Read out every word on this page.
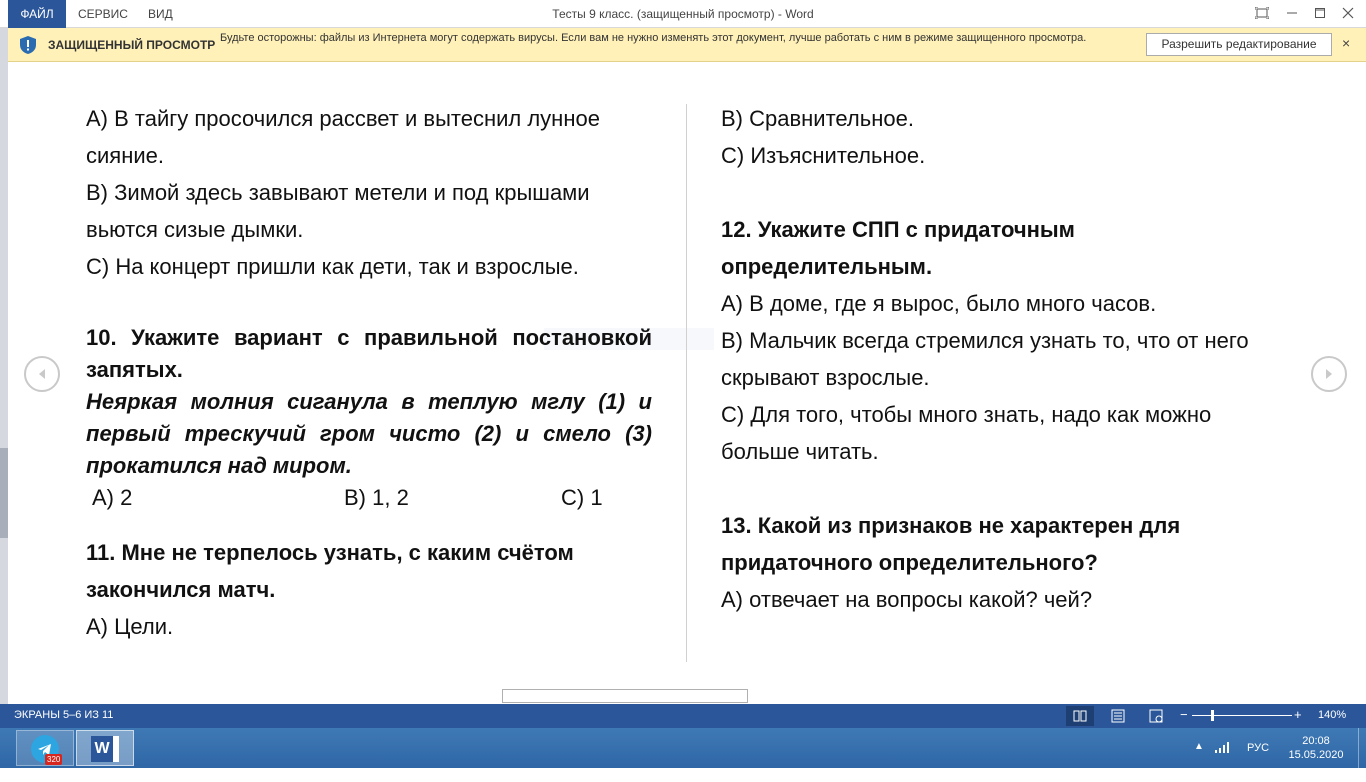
ФАЙЛ	СЕРВИС	ВИД	Тесты 9 класс. (защищенный просмотр) - Word
ЗАЩИЩЕННЫЙ ПРОСМОТР Будьте осторожны: файлы из Интернета могут содержать вирусы. Если вам не нужно изменять этот документ, лучше работать с ним в режиме защищенного просмотра.	Разрешить редактирование	×
А) В тайгу просочился рассвет и вытеснил лунное сияние.
В) Зимой здесь завывают метели и под крышами вьются сизые дымки.
С) На концерт пришли как дети, так и взрослые.
10. Укажите вариант с правильной постановкой запятых.
Неяркая молния сиганула в теплую мглу (1) и первый трескучий гром чисто (2) и смело (3) прокатился над миром.
А) 2	В) 1, 2	С) 1
11. Мне не терпелось узнать, с каким счётом закончился матч.
А) Цели.
В) Сравнительное.
С) Изъяснительное.
12. Укажите СПП с придаточным определительным.
А) В доме, где я вырос, было много часов.
В) Мальчик всегда стремился узнать то, что от него скрывают взрослые.
С) Для того, чтобы много знать, надо как можно больше читать.
13. Какой из признаков не характерен для придаточного определительного?
А) отвечает на вопросы какой? чей?
ЭКРАНЫ 5–6 ИЗ 11	−	+ 140%
320
W	▲	РУС
20:08
15.05.2020
